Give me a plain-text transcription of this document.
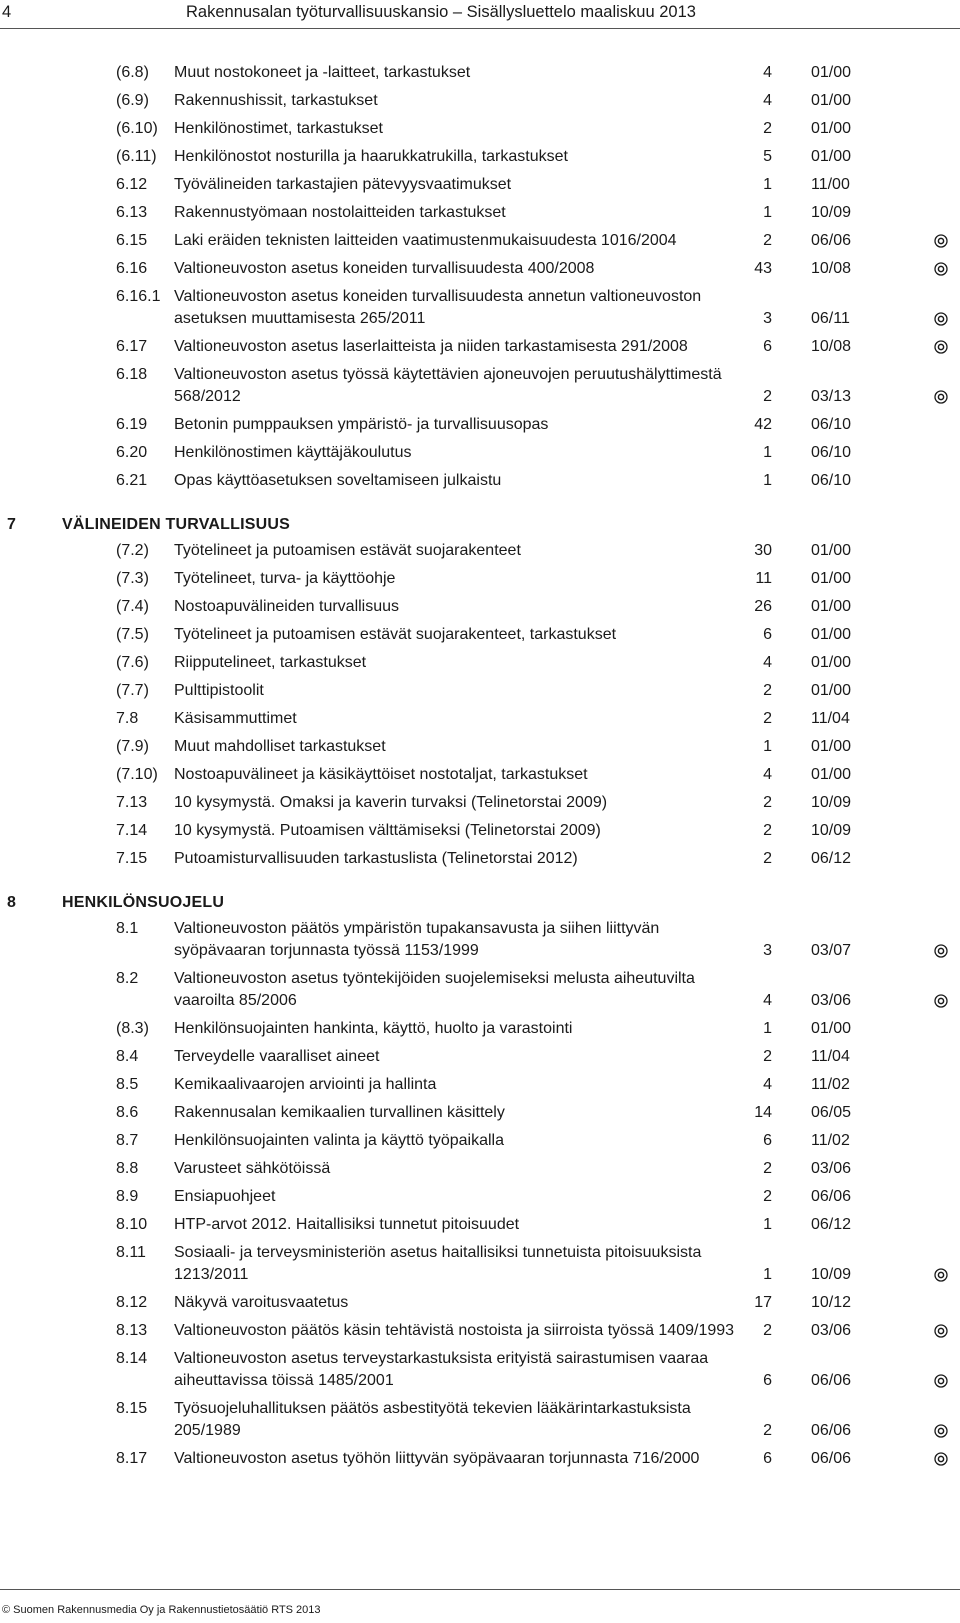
4	Rakennusalan työturvallisuuskansio – Sisällysluettelo maaliskuu 2013
(6.8) Muut nostokoneet ja -laitteet, tarkastukset	4 01/00
(6.9) Rakennushissit, tarkastukset	4 01/00
(6.10) Henkilönostimet, tarkastukset	2 01/00
(6.11) Henkilönostot nosturilla ja haarukkatrukilla, tarkastukset	5 01/00
6.12 Työvälineiden tarkastajien pätevyysvaatimukset	1 11/00
6.13 Rakennustyömaan nostolaitteiden tarkastukset	1 10/09
6.15 Laki eräiden teknisten laitteiden vaatimustenmukaisuudesta 1016/2004	2 06/06
6.16 Valtioneuvoston asetus koneiden turvallisuudesta 400/2008	43 10/08
6.16.1 Valtioneuvoston asetus koneiden turvallisuudesta annetun valtioneuvoston asetuksen muuttamisesta 265/2011	3 06/11
6.17 Valtioneuvoston asetus laserlaitteista ja niiden tarkastamisesta 291/2008	6 10/08
6.18 Valtioneuvoston asetus työssä käytettävien ajoneuvojen peruutushälyttimestä 568/2012	2 03/13
6.19 Betonin pumppauksen ympäristö- ja turvallisuusopas	42 06/10
6.20 Henkilönostimen käyttäjäkoulutus	1 06/10
6.21 Opas käyttöasetuksen soveltamiseen julkaistu	1 06/10
7	VÄLINEIDEN TURVALLISUUS
(7.2) Työtelineet ja putoamisen estävät suojarakenteet	30 01/00
(7.3) Työtelineet, turva- ja käyttöohje	11 01/00
(7.4) Nostoapuvälineiden turvallisuus	26 01/00
(7.5) Työtelineet ja putoamisen estävät suojarakenteet, tarkastukset	6 01/00
(7.6) Riipputelineet, tarkastukset	4 01/00
(7.7) Pulttipistoolit	2 01/00
7.8 Käsisammuttimet	2 11/04
(7.9) Muut mahdolliset tarkastukset	1 01/00
(7.10) Nostoapuvälineet ja käsikäyttöiset nostotaljat, tarkastukset	4 01/00
7.13 10 kysymystä. Omaksi ja kaverin turvaksi (Telinetorstai 2009)	2 10/09
7.14 10 kysymystä. Putoamisen välttämiseksi (Telinetorstai 2009)	2 10/09
7.15 Putoamisturvallisuuden tarkastuslista (Telinetorstai 2012)	2 06/12
8	HENKILÖNSUOJELU
8.1 Valtioneuvoston päätös ympäristön tupakansavusta ja siihen liittyvän syöpävaaran torjunnasta työssä 1153/1999	3 03/07
8.2 Valtioneuvoston asetus työntekijöiden suojelemiseksi melusta aiheutuvilta vaaroilta 85/2006	4 03/06
(8.3) Henkilönsuojainten hankinta, käyttö, huolto ja varastointi	1 01/00
8.4 Terveydelle vaaralliset aineet	2 11/04
8.5 Kemikaalivaarojen arviointi ja hallinta	4 11/02
8.6 Rakennusalan kemikaalien turvallinen käsittely	14 06/05
8.7 Henkilönsuojainten valinta ja käyttö työpaikalla	6 11/02
8.8 Varusteet sähkötöissä	2 03/06
8.9 Ensiapuohjeet	2 06/06
8.10 HTP-arvot 2012. Haitallisiksi tunnetut pitoisuudet	1 06/12
8.11 Sosiaali- ja terveysministeriön asetus haitallisiksi tunnetuista pitoisuuksista 1213/2011	1 10/09
8.12 Näkyvä varoitusvaatetus	17 10/12
8.13 Valtioneuvoston päätös käsin tehtävistä nostoista ja siirroista työssä 1409/1993	2 03/06
8.14 Valtioneuvoston asetus terveystarkastuksista erityistä sairastumisen vaaraa aiheuttavissa töissä 1485/2001	6 06/06
8.15 Työsuojeluhallituksen päätös asbestityötä tekevien lääkärintarkastuksista 205/1989	2 06/06
8.17 Valtioneuvoston asetus työhön liittyvän syöpävaaran torjunnasta 716/2000	6 06/06
© Suomen Rakennusmedia Oy ja Rakennustietosäätiö RTS 2013
